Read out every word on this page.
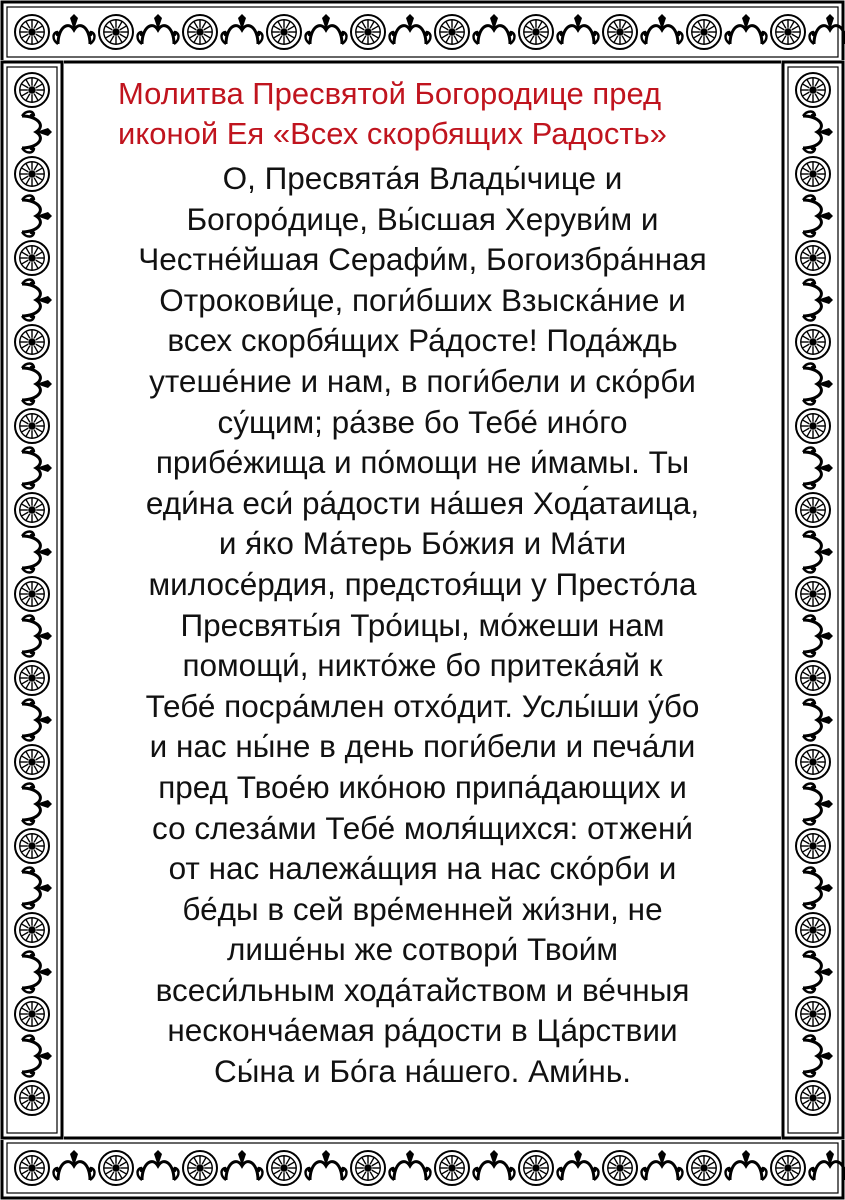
Молитва Пресвятой Богородице пред
иконой Ея «Всех скорбящих Радость»
О, Пресвята́я Влады́чице и
Богоро́дице, Вы́сшая Херуви́м и
Честне́йшая Серафи́м, Богоизбра́нная
Отрокови́це, поги́бших Взыска́ние и
всех скорбя́щих Ра́досте! Пода́ждь
утеше́ние и нам, в поги́бели и ско́рби
су́щим; ра́зве бо Тебе́ ино́го
прибе́жища и по́мощи не и́мамы. Ты
еди́на еси́ ра́дости на́шея Ход́атаица,
и я́ко Ма́терь Бо́жия и Ма́ти
милосе́рдия, предстоя́щи у Престо́ла
Пресвяты́я Тро́ицы, мо́жеши нам
помощи́, никто́же бо притека́яй к
Тебе́ посра́млен отхо́дит. Услы́ши у́бо
и нас ны́не в день поги́бели и печа́ли
пред Твое́ю ико́ною припа́дающих и
со слеза́ми Тебе́ моля́щихся: отжени́
от нас належа́щия на нас ско́рби и
бе́ды в сей вре́менней жи́зни, не
лише́ны же сотвори́ Твои́м
всеси́льным хода́тайством и ве́чныя
несконча́емая ра́дости в Ца́рствии
Сы́на и Бо́га на́шего. Ами́нь.
